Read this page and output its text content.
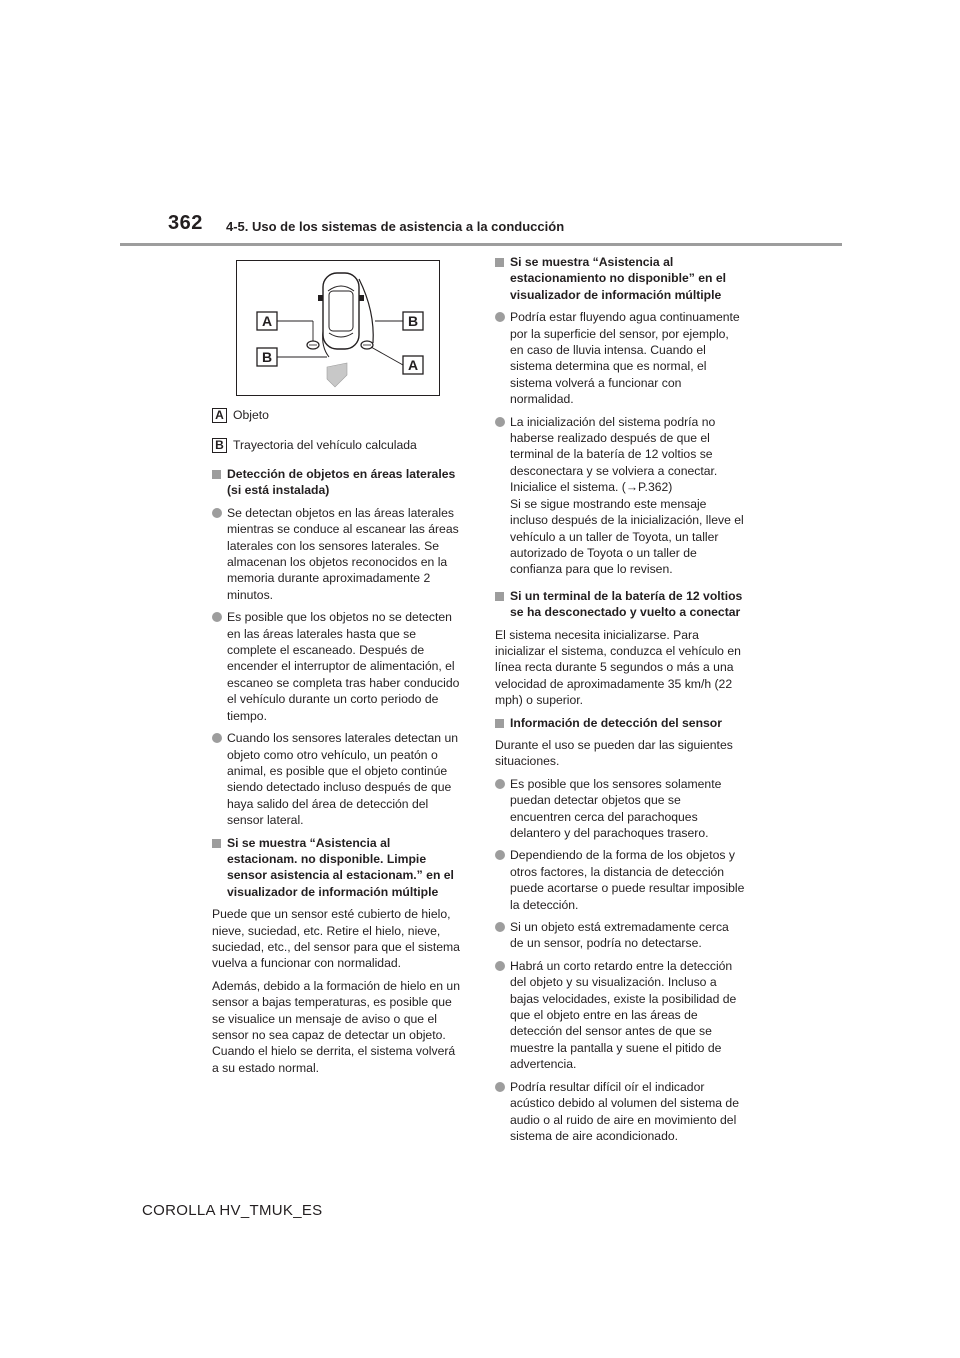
362 4-5. Uso de los sistemas de asistencia a la conducción
A
B
B
A
A Objeto
B Trayectoria del vehículo calculada
Detección de objetos en áreas laterales (si está instalada)
Se detectan objetos en las áreas laterales mientras se conduce al escanear las áreas laterales con los sensores laterales. Se almacenan los objetos reconocidos en la memoria durante aproximadamente 2 minutos.
Es posible que los objetos no se detecten en las áreas laterales hasta que se complete el escaneado. Después de encender el interruptor de alimentación, el escaneo se completa tras haber conducido el vehículo durante un corto periodo de tiempo.
Cuando los sensores laterales detectan un objeto como otro vehículo, un peatón o animal, es posible que el objeto continúe siendo detectado incluso después de que haya salido del área de detección del sensor lateral.
Si se muestra “Asistencia al estacionam. no disponible. Limpie sensor asistencia al estacionam.” en el visualizador de información múltiple
Puede que un sensor esté cubierto de hielo, nieve, suciedad, etc. Retire el hielo, nieve, suciedad, etc., del sensor para que el sistema vuelva a funcionar con normalidad.
Además, debido a la formación de hielo en un sensor a bajas temperaturas, es posible que se visualice un mensaje de aviso o que el sensor no sea capaz de detectar un objeto. Cuando el hielo se derrita, el sistema volverá a su estado normal.
Si se muestra “Asistencia al estacionamiento no disponible” en el visualizador de información múltiple
Podría estar fluyendo agua continuamente por la superficie del sensor, por ejemplo, en caso de lluvia intensa. Cuando el sistema determina que es normal, el sistema volverá a funcionar con normalidad.
La inicialización del sistema podría no haberse realizado después de que el terminal de la batería de 12 voltios se desconectara y se volviera a conectar. Inicialice el sistema. (→P.362)
Si se sigue mostrando este mensaje incluso después de la inicialización, lleve el vehículo a un taller de Toyota, un taller autorizado de Toyota o un taller de confianza para que lo revisen.
Si un terminal de la batería de 12 voltios se ha desconectado y vuelto a conectar
El sistema necesita inicializarse. Para inicializar el sistema, conduzca el vehículo en línea recta durante 5 segundos o más a una velocidad de aproximadamente 35 km/h (22 mph) o superior.
Información de detección del sensor
Durante el uso se pueden dar las siguientes situaciones.
Es posible que los sensores solamente puedan detectar objetos que se encuentren cerca del parachoques delantero y del parachoques trasero.
Dependiendo de la forma de los objetos y otros factores, la distancia de detección puede acortarse o puede resultar imposible la detección.
Si un objeto está extremadamente cerca de un sensor, podría no detectarse.
Habrá un corto retardo entre la detección del objeto y su visualización. Incluso a bajas velocidades, existe la posibilidad de que el objeto entre en las áreas de detección del sensor antes de que se muestre la pantalla y suene el pitido de advertencia.
Podría resultar difícil oír el indicador acústico debido al volumen del sistema de audio o al ruido de aire en movimiento del sistema de aire acondicionado.
COROLLA HV_TMUK_ES
